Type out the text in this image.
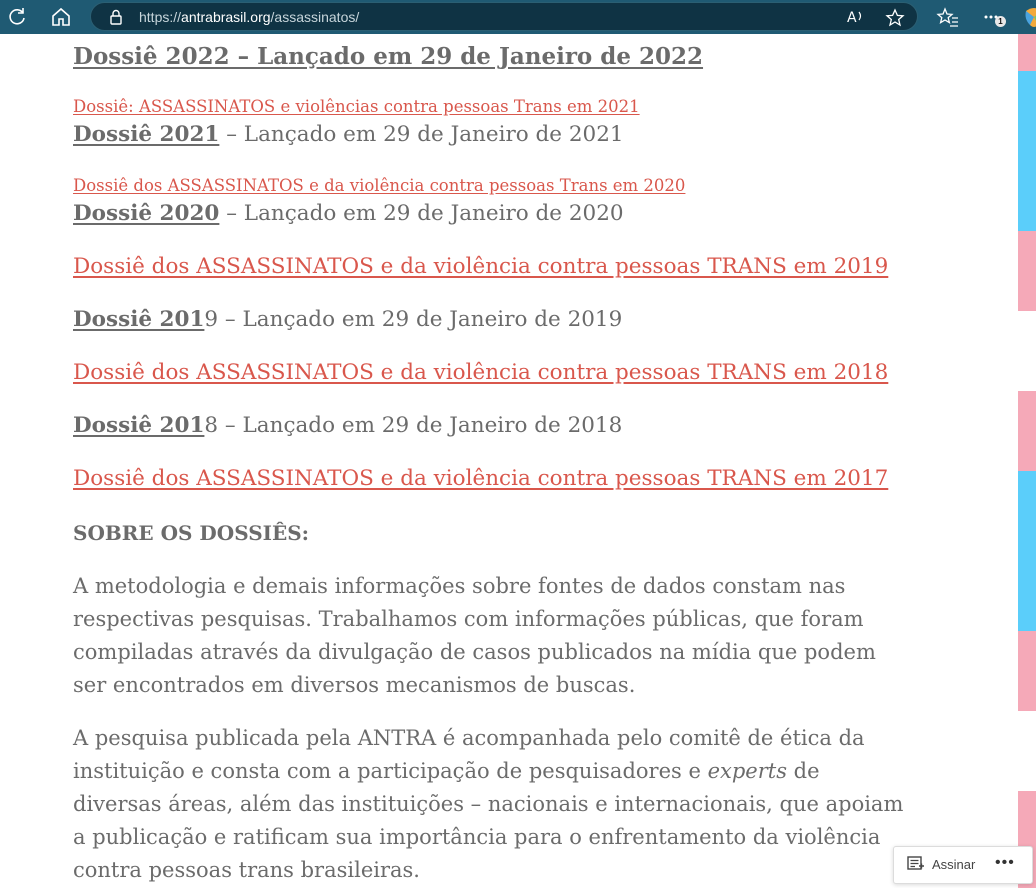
https://antrabrasil.org/assassinatos/	A	1
Dossiê 2022 – Lançado em 29 de Janeiro de 2022
Dossiê: ASSASSINATOS e violências contra pessoas Trans em 2021
Dossiê 2021 – Lançado em 29 de Janeiro de 2021
Dossiê dos ASSASSINATOS e da violência contra pessoas Trans em 2020
Dossiê 2020 – Lançado em 29 de Janeiro de 2020
Dossiê dos ASSASSINATOS e da violência contra pessoas TRANS em 2019
Dossiê 2019 – Lançado em 29 de Janeiro de 2019
Dossiê dos ASSASSINATOS e da violência contra pessoas TRANS em 2018
Dossiê 2018 – Lançado em 29 de Janeiro de 2018
Dossiê dos ASSASSINATOS e da violência contra pessoas TRANS em 2017
SOBRE OS DOSSIÊS:
A metodologia e demais informações sobre fontes de dados constam nas respectivas pesquisas. Trabalhamos com informações públicas, que foram compiladas através da divulgação de casos publicados na mídia que podem ser encontrados em diversos mecanismos de buscas.
A pesquisa publicada pela ANTRA é acompanhada pelo comitê de ética da instituição e consta com a participação de pesquisadores e experts de diversas áreas, além das instituições – nacionais e internacionais, que apoiam a publicação e ratificam sua importância para o enfrentamento da violência contra pessoas trans brasileiras.	Assinar •••
